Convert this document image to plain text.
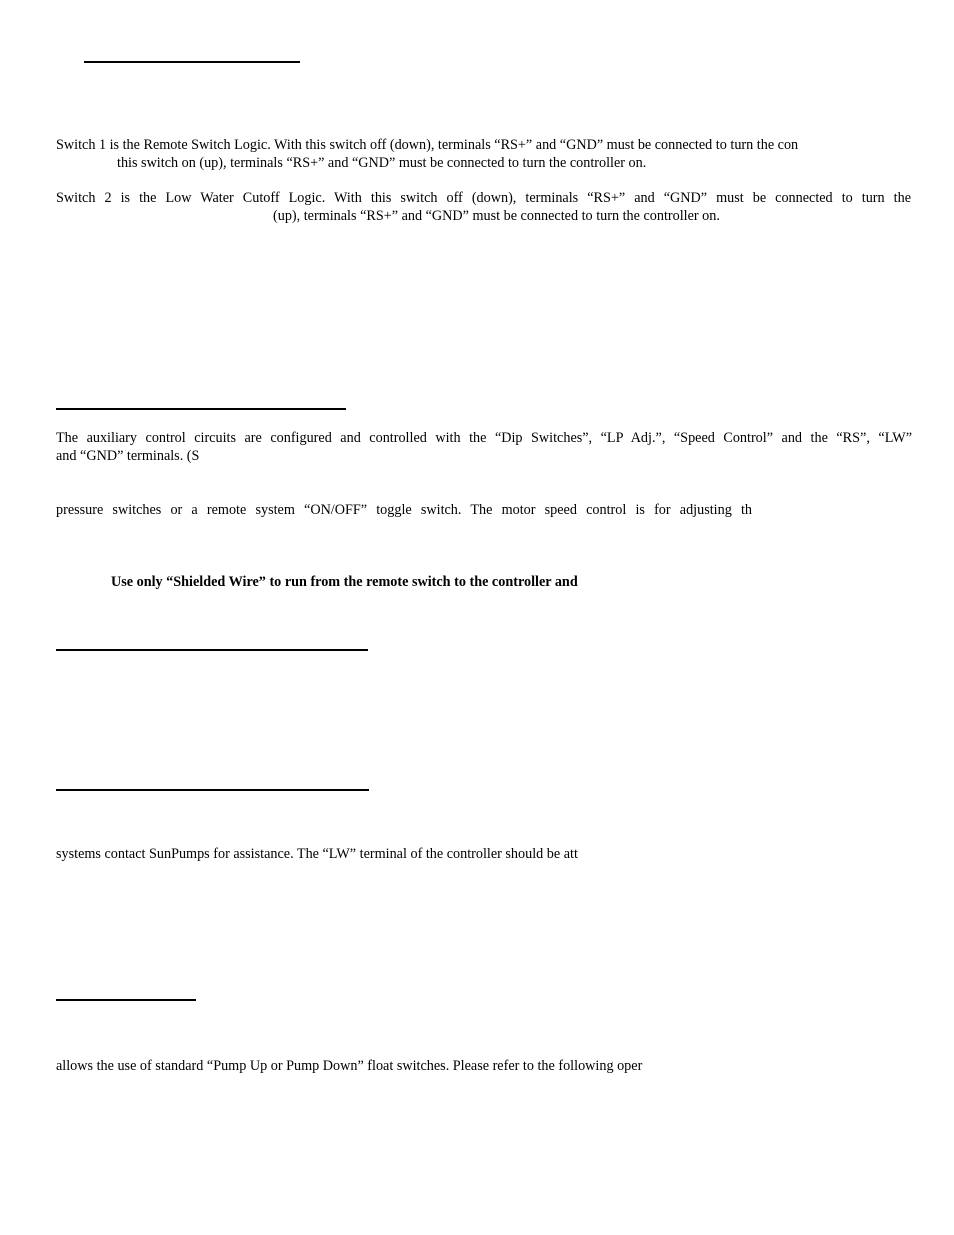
Switch 1 is the Remote Switch Logic. With this switch off (down), terminals “RS+” and “GND” must be connected to turn the con
this switch on (up), terminals “RS+” and “GND” must be connected to turn the controller on.
Switch 2 is the Low Water Cutoff Logic. With this switch off (down), terminals “RS+” and “GND” must be connected to turn the
(up), terminals “RS+” and “GND” must be connected to turn the controller on.
The auxiliary control circuits are configured and controlled with the “Dip Switches”, “LP Adj.”, “Speed Control” and the “RS”, “LW”
and “GND” terminals. (S
pressure switches or a remote system “ON/OFF” toggle switch. The motor speed control is for adjusting th
Use only “Shielded Wire” to run from the remote switch to the controller and
systems contact SunPumps for assistance. The “LW” terminal of the controller should be att
allows the use of standard “Pump Up or Pump Down” float switches. Please refer to the following oper
